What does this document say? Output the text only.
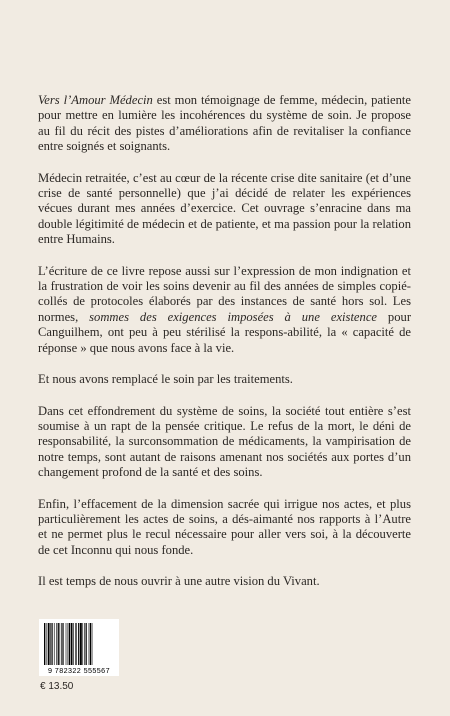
Vers l’Amour Médecin est mon témoignage de femme, médecin, patiente pour mettre en lumière les incohérences du système de soin. Je propose au fil du récit des pistes d’améliorations afin de revitaliser la confiance entre soignés et soignants.

Médecin retraitée, c’est au cœur de la récente crise dite sanitaire (et d’une crise de santé personnelle) que j’ai décidé de relater les expériences vécues durant mes années d’exercice. Cet ouvrage s’enracine dans ma double légitimité de médecin et de patiente, et ma passion pour la relation entre Humains.

L’écriture de ce livre repose aussi sur l’expression de mon indignation et la frustration de voir les soins devenir au fil des années de simples copié-collés de protocoles élaborés par des instances de santé hors sol. Les normes, sommes des exigences imposées à une existence pour Canguilhem, ont peu à peu stérilisé la respons-abilité, la « capacité de réponse » que nous avons face à la vie.

Et nous avons remplacé le soin par les traitements.

Dans cet effondrement du système de soins, la société tout entière s’est soumise à un rapt de la pensée critique. Le refus de la mort, le déni de responsabilité, la surconsommation de médicaments, la vampirisation de notre temps, sont autant de raisons amenant nos sociétés aux portes d’un changement profond de la santé et des soins.

Enfin, l’effacement de la dimension sacrée qui irrigue nos actes, et plus particulièrement les actes de soins, a dés-aimanté nos rapports à l’Autre et ne permet plus le recul nécessaire pour aller vers soi, à la découverte de cet Inconnu qui nous fonde.

Il est temps de nous ouvrir à une autre vision du Vivant.

9 782322 555567
€ 13.50
